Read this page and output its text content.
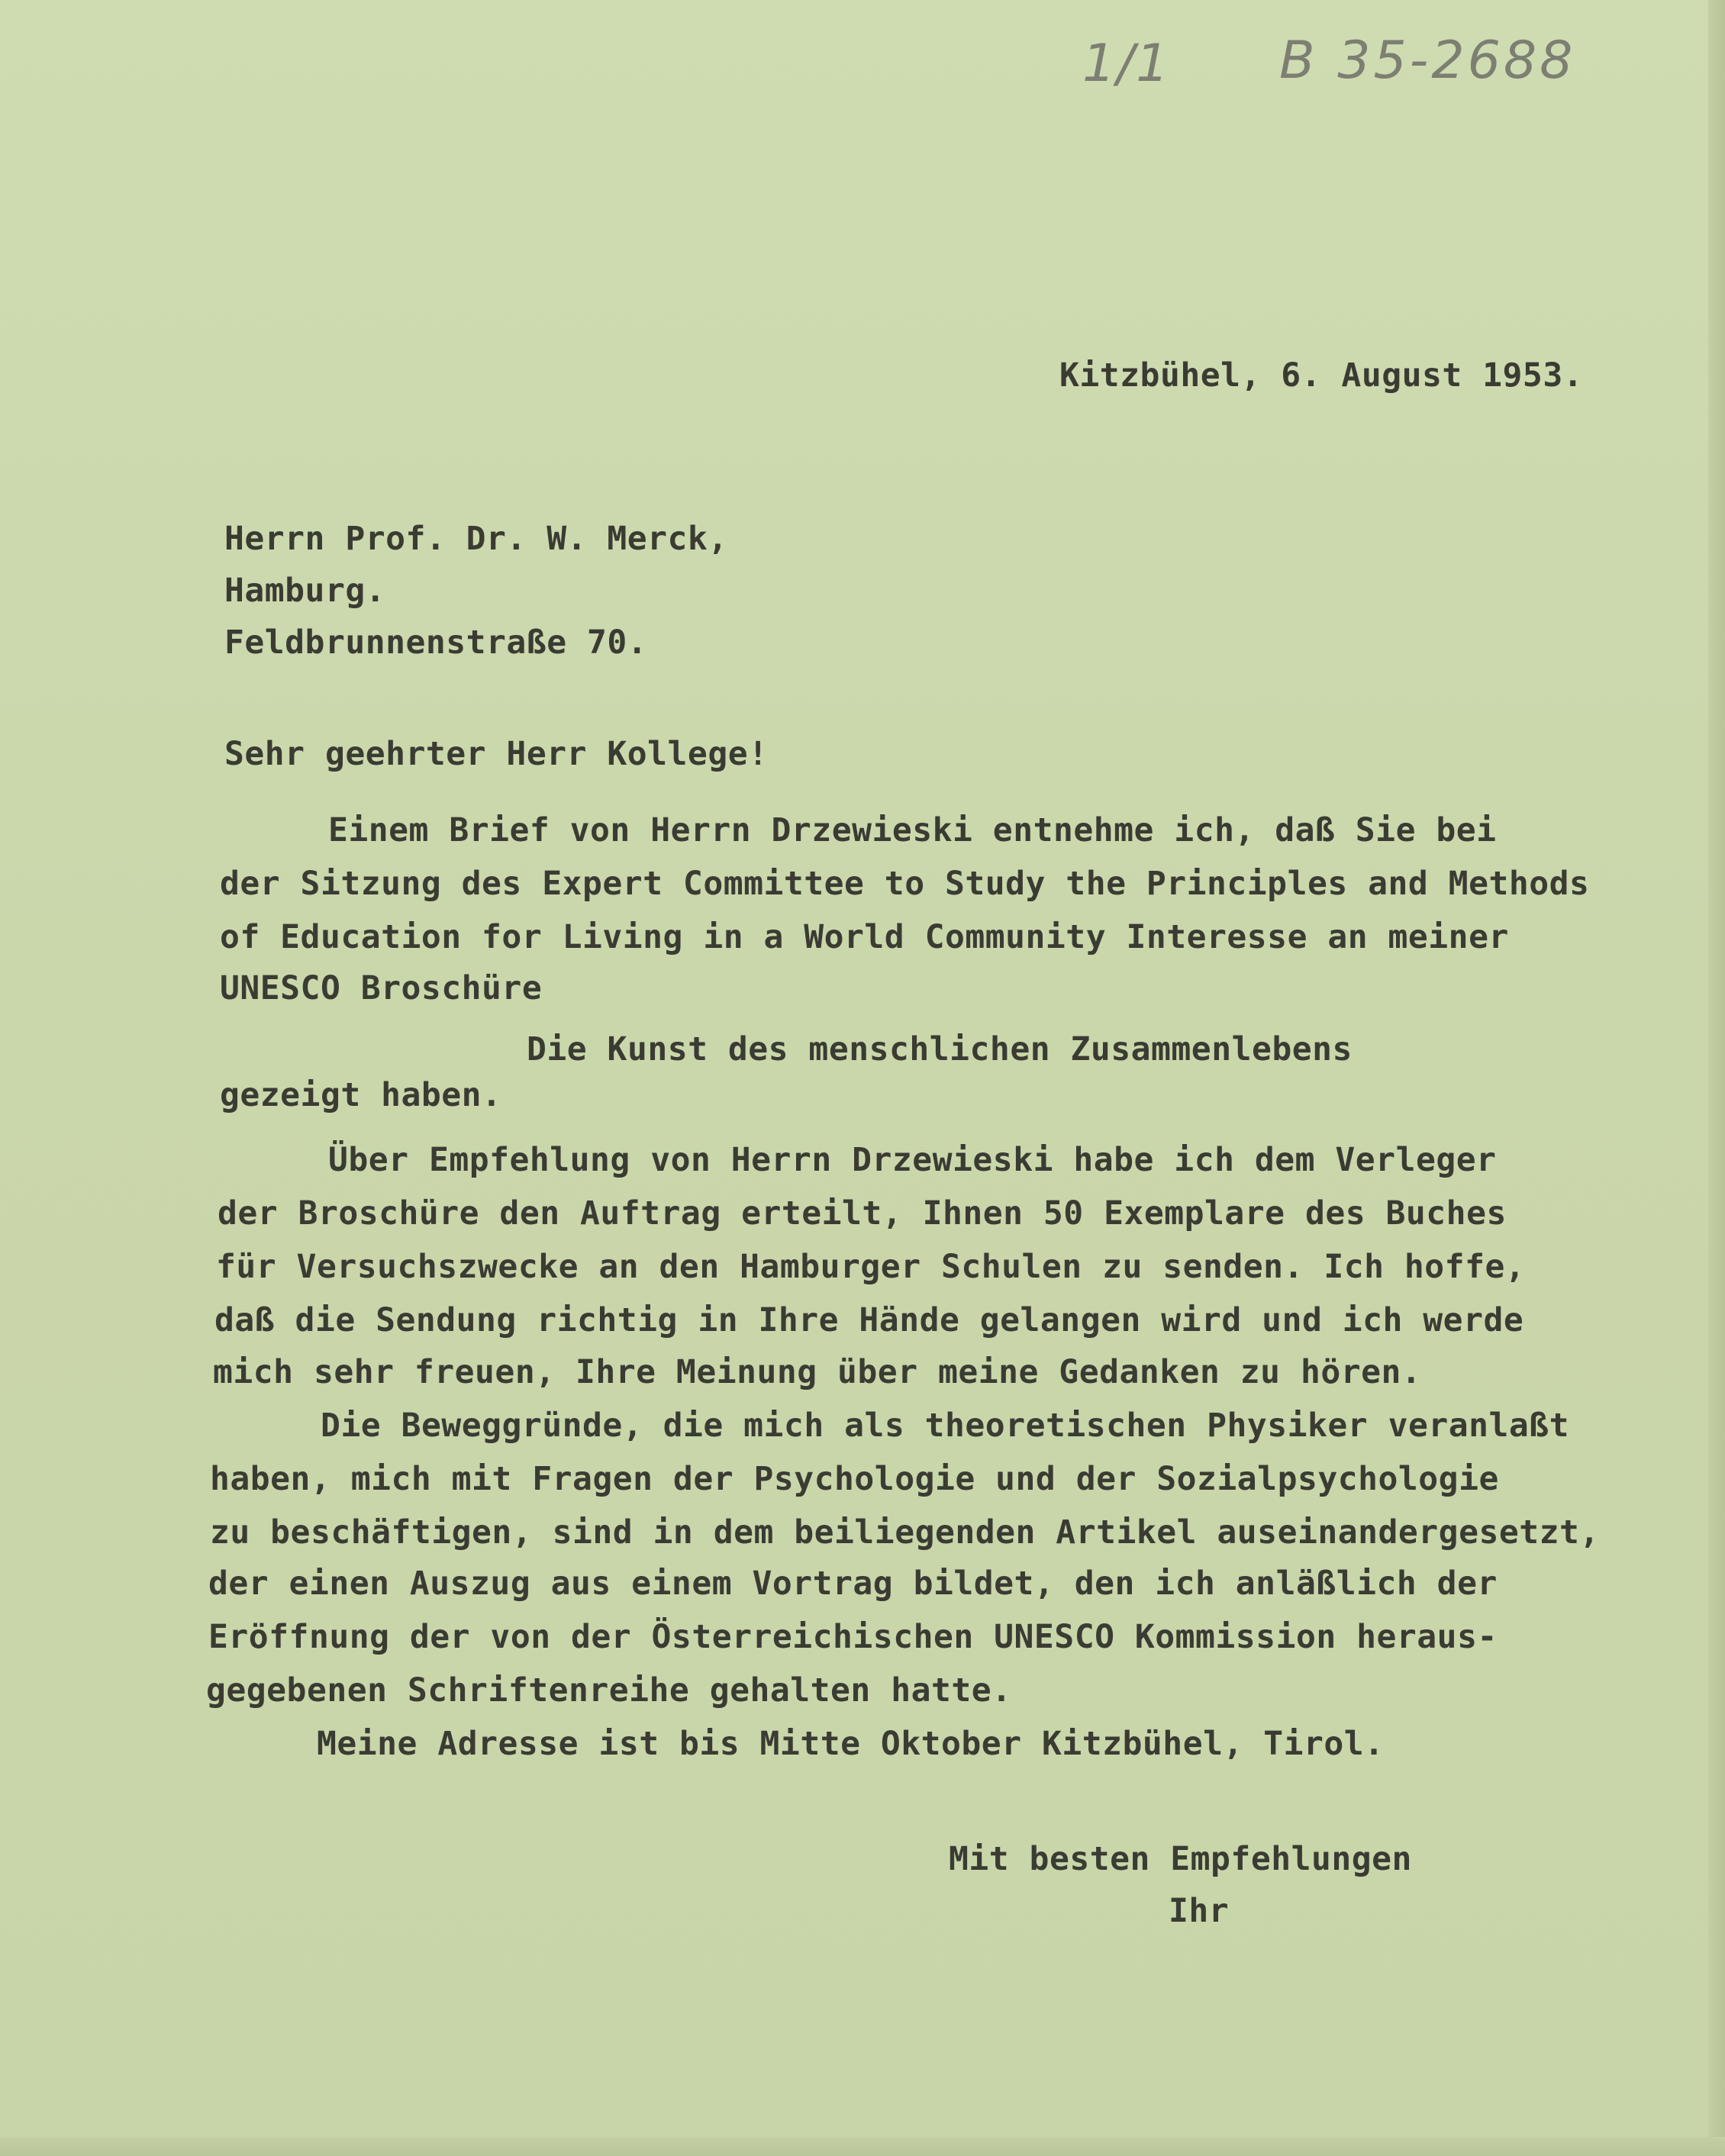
1/1 B 35-2688
Kitzbühel, 6. August 1953.
Herrn Prof. Dr. W. Merck,
Hamburg.
Feldbrunnenstraße 70.
Sehr geehrter Herr Kollege!
Einem Brief von Herrn Drzewieski entnehme ich, daß Sie bei
der Sitzung des Expert Committee to Study the Principles and Methods
of Education for Living in a World Community Interesse an meiner
UNESCO Broschüre
Die Kunst des menschlichen Zusammenlebens
gezeigt haben.
Über Empfehlung von Herrn Drzewieski habe ich dem Verleger
der Broschüre den Auftrag erteilt, Ihnen 50 Exemplare des Buches
für Versuchszwecke an den Hamburger Schulen zu senden. Ich hoffe,
daß die Sendung richtig in Ihre Hände gelangen wird und ich werde
mich sehr freuen, Ihre Meinung über meine Gedanken zu hören.
Die Beweggründe, die mich als theoretischen Physiker veranlaßt
haben, mich mit Fragen der Psychologie und der Sozialpsychologie
zu beschäftigen, sind in dem beiliegenden Artikel auseinandergesetzt,
der einen Auszug aus einem Vortrag bildet, den ich anläßlich der
Eröffnung der von der Österreichischen UNESCO Kommission heraus-
gegebenen Schriftenreihe gehalten hatte.
Meine Adresse ist bis Mitte Oktober Kitzbühel, Tirol.
Mit besten Empfehlungen
Ihr
